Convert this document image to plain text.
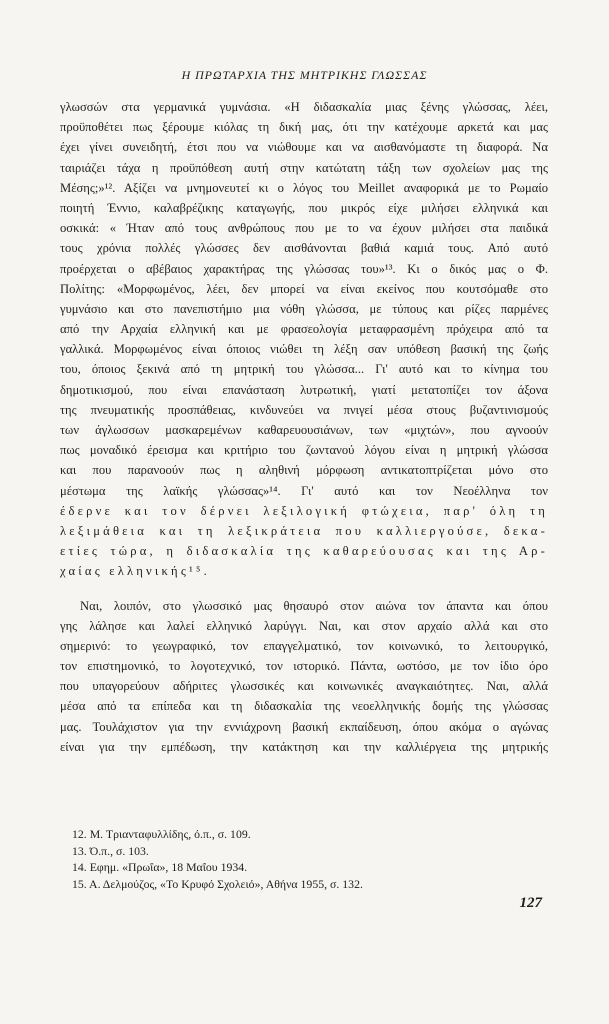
Η ΠΡΩΤΑΡΧΙΑ ΤΗΣ ΜΗΤΡΙΚΗΣ ΓΛΩΣΣΑΣ
γλωσσών στα γερμανικά γυμνάσια. «Η διδασκαλία μιας ξένης γλώσσας, λέει,
προϋποθέτει πως ξέρουμε κιόλας τη δική μας, ότι την κατέχουμε αρκετά και μας
έχει γίνει συνειδητή, έτσι που να νιώθουμε και να αισθανόμαστε τη διαφορά. Να
ταιριάζει τάχα η προϋπόθεση αυτή στην κατώτατη τάξη των σχολείων μας της
Μέσης;»¹². Αξίζει να μνημονευτεί κι ο λόγος του Meillet αναφορικά με το Ρωμαίο
ποιητή Έννιο, καλαβρέζικης καταγωγής, που μικρός είχε μιλήσει ελληνικά και
οσκικά: « Ήταν από τους ανθρώπους που με το να έχουν μιλήσει στα παιδικά
τους χρόνια πολλές γλώσσες δεν αισθάνονται βαθιά καμιά τους. Από αυτό
προέρχεται ο αβέβαιος χαρακτήρας της γλώσσας του»¹³. Κι ο δικός μας ο Φ.
Πολίτης: «Μορφωμένος, λέει, δεν μπορεί να είναι εκείνος που κουτσόμαθε στο
γυμνάσιο και στο πανεπιστήμιο μια νόθη γλώσσα, με τύπους και ρίζες παρμένες
από την Αρχαία ελληνική και με φρασεολογία μεταφρασμένη πρόχειρα από τα
γαλλικά. Μορφωμένος είναι όποιος νιώθει τη λέξη σαν υπόθεση βασική της ζωής
του, όποιος ξεκινά από τη μητρική του γλώσσα... Γι' αυτό και το κίνημα του
δημοτικισμού, που είναι επανάσταση λυτρωτική, γιατί μετατοπίζει τον άξονα
της πνευματικής προσπάθειας, κινδυνεύει να πνιγεί μέσα στους βυζαντινισμούς
των άγλωσσων μασκαρεμένων καθαρευουσιάνων, των «μιχτών», που αγνοούν
πως μοναδικό έρεισμα και κριτήριο του ζωντανού λόγου είναι η μητρική γλώσσα
και που παρανοούν πως η αληθινή μόρφωση αντικατοπτρίζεται μόνο στο
μέστωμα της λαϊκής γλώσσας»¹⁴. Γι' αυτό και τον Νεοέλληνα τον
έδερνε και τον δέρνει λεξιλογική φτώχεια, παρ' όλη τη
λεξιμάθεια και τη λεξικράτεια που καλλιεργούσε, δεκα-
ετίες τώρα, η διδασκαλία της καθαρεύουσας και της Αρ-
χαίας ελληνικής¹⁵.
Ναι, λοιπόν, στο γλωσσικό μας θησαυρό στον αιώνα τον άπαντα και όπου
γης λάλησε και λαλεί ελληνικό λαρύγγι. Ναι, και στον αρχαίο αλλά και στο
σημερινό: το γεωγραφικό, τον επαγγελματικό, τον κοινωνικό, το λειτουργικό,
τον επιστημονικό, το λογοτεχνικό, τον ιστορικό. Πάντα, ωστόσο, με τον ίδιο όρο
που υπαγορεύουν αδήριτες γλωσσικές και κοινωνικές αναγκαιότητες. Ναι, αλλά
μέσα από τα επίπεδα και τη διδασκαλία της νεοελληνικής δομής της γλώσσας
μας. Τουλάχιστον για την εννιάχρονη βασική εκπαίδευση, όπου ακόμα ο αγώνας
είναι για την εμπέδωση, την κατάκτηση και την καλλιέργεια της μητρικής
12. Μ. Τριανταφυλλίδης, ό.π., σ. 109.
13. Ό.π., σ. 103.
14. Εφημ. «Πρωΐα», 18 Μαΐου 1934.
15. Α. Δελμούζος, «Το Κρυφό Σχολειό», Αθήνα 1955, σ. 132.
127
